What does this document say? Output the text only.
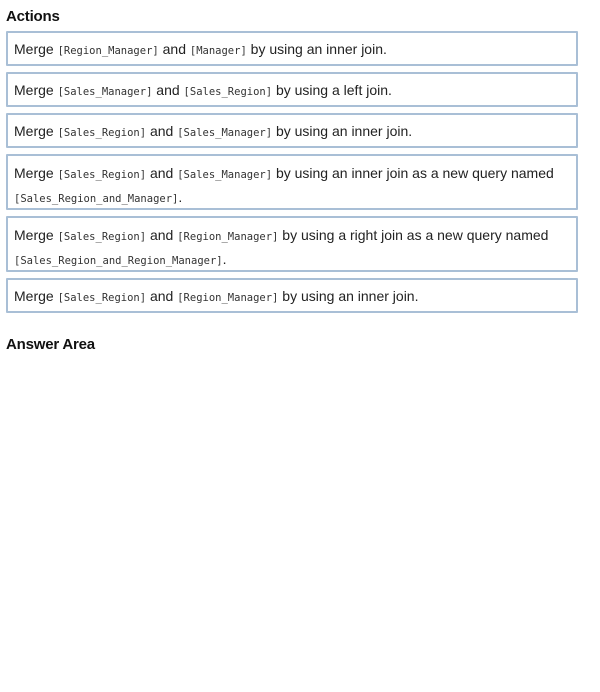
Actions
Merge [Region_Manager] and [Manager] by using an inner join.
Merge [Sales_Manager] and [Sales_Region] by using a left join.
Merge [Sales_Region] and [Sales_Manager] by using an inner join.
Merge [Sales_Region] and [Sales_Manager] by using an inner join as a new query named [Sales_Region_and_Manager].
Merge [Sales_Region] and [Region_Manager] by using a right join as a new query named [Sales_Region_and_Region_Manager].
Merge [Sales_Region] and [Region_Manager] by using an inner join.
Answer Area
